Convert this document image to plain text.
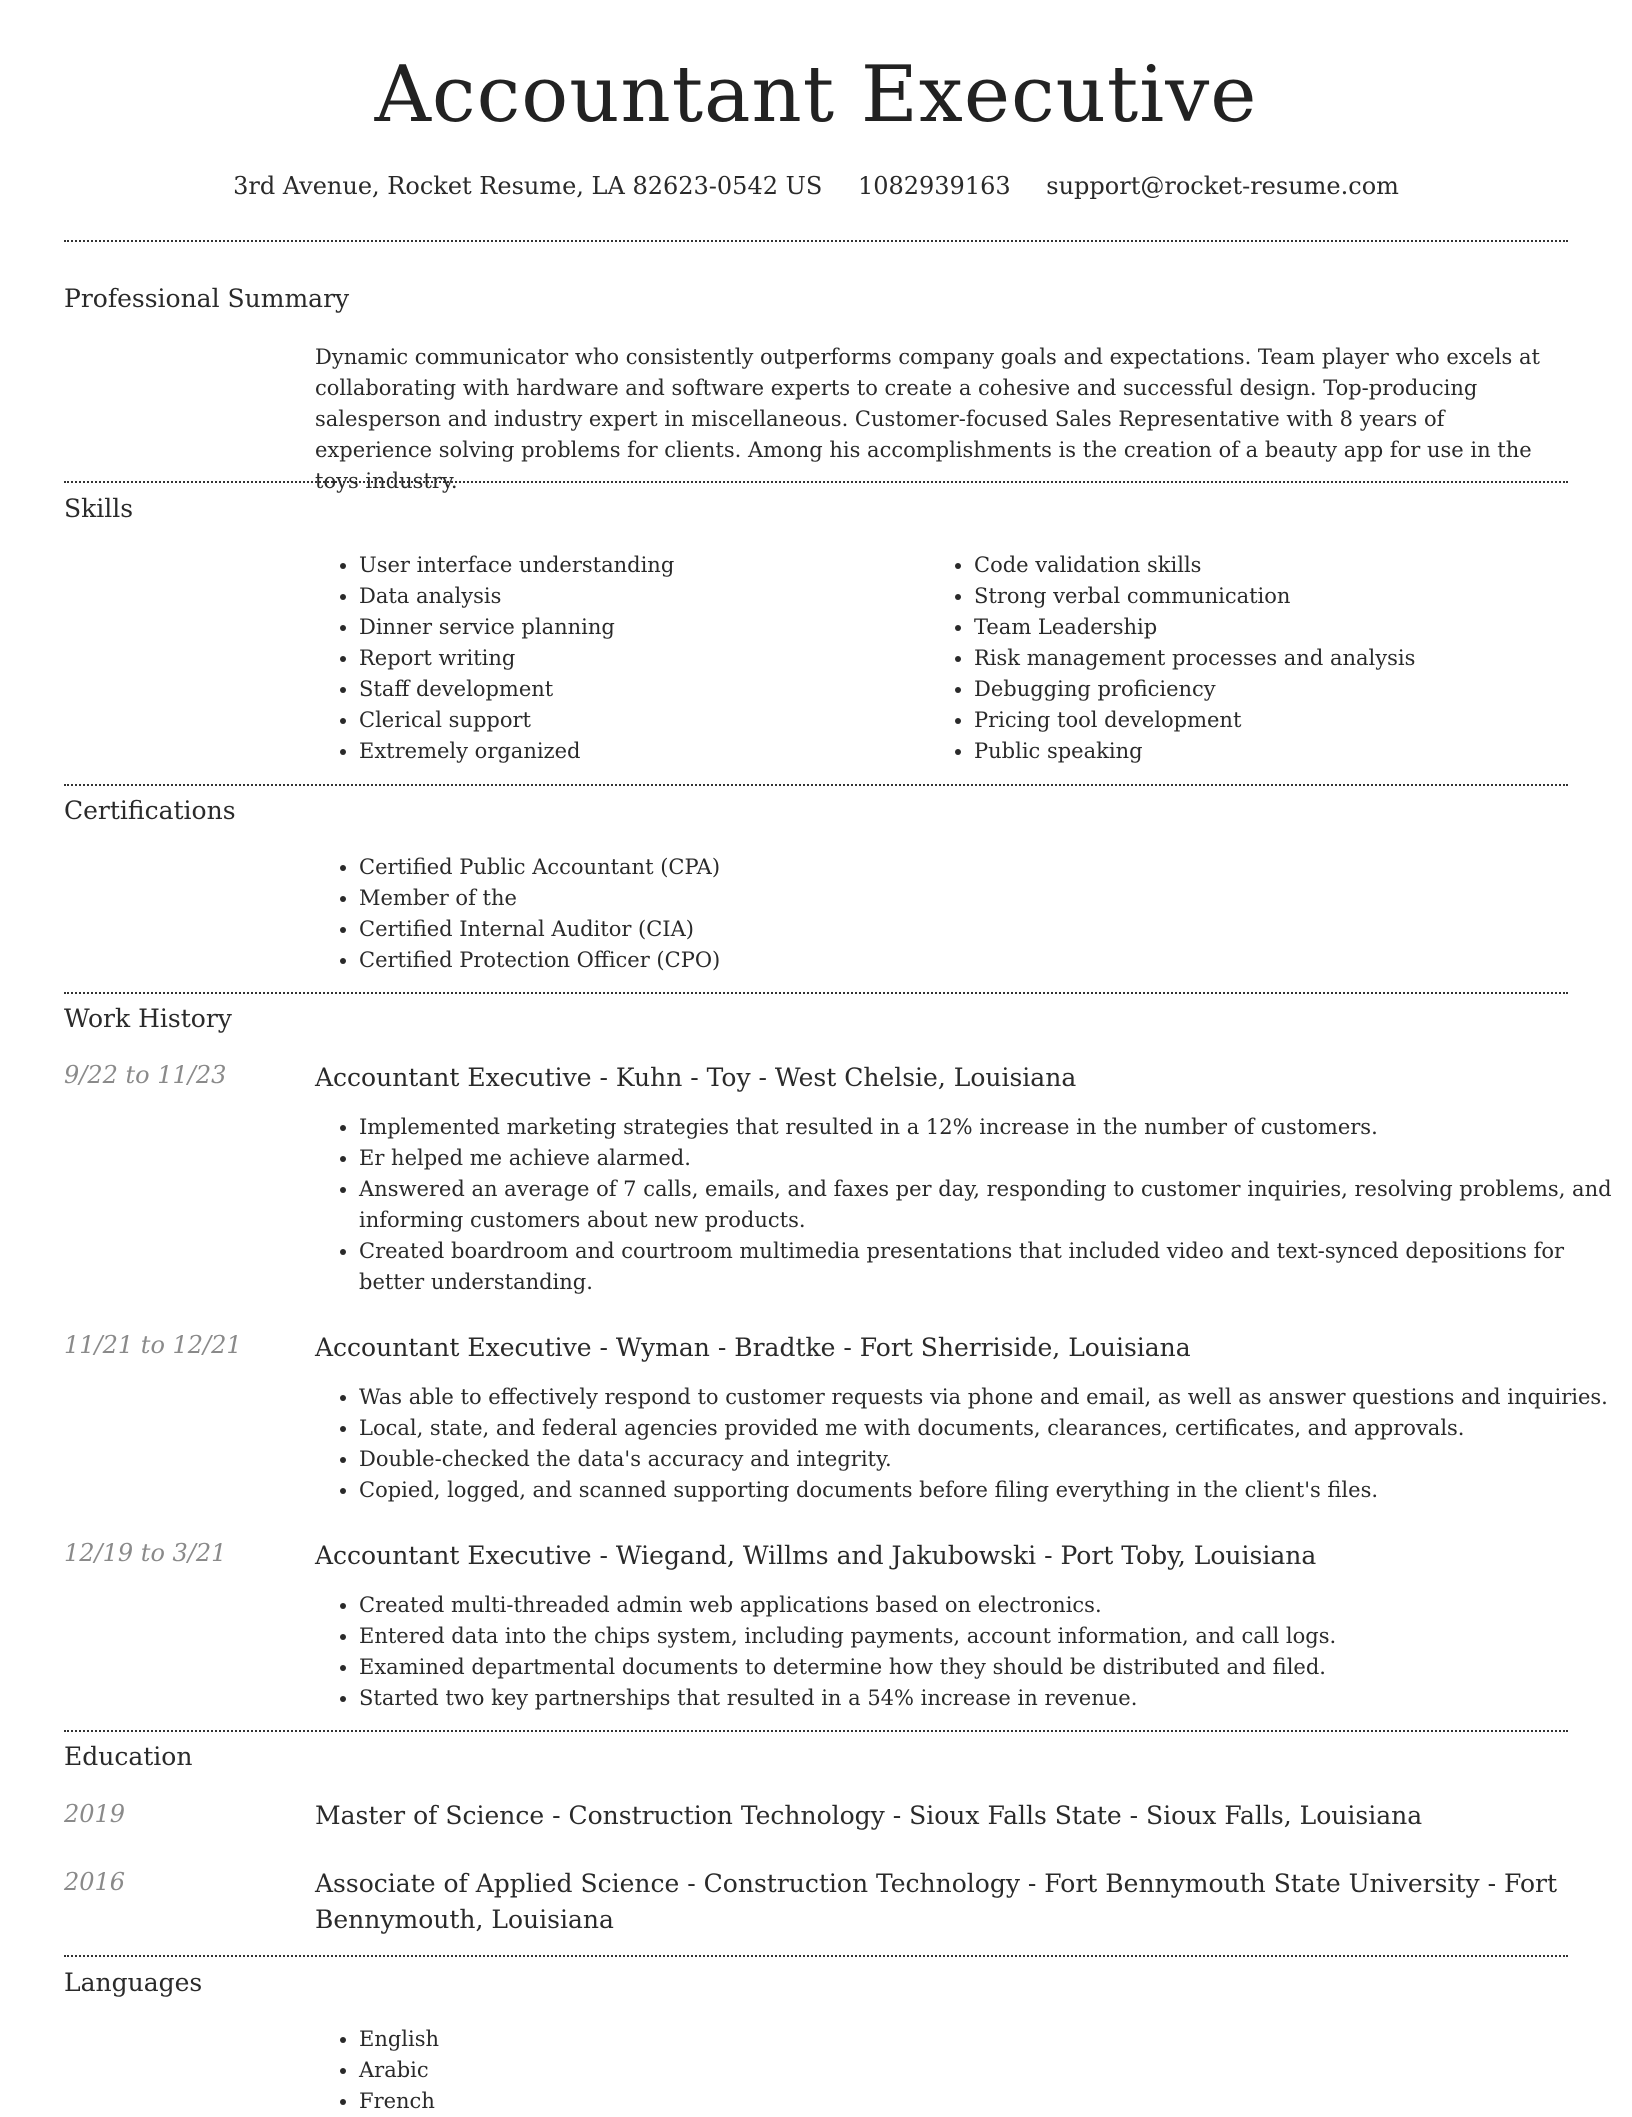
Accountant Executive
3rd Avenue, Rocket Resume, LA 82623-0542 US 1082939163 support@rocket-resume.com
Professional Summary
Dynamic communicator who consistently outperforms company goals and expectations. Team player who excels at collaborating with hardware and software experts to create a cohesive and successful design. Top-producing salesperson and industry expert in miscellaneous. Customer-focused Sales Representative with 8 years of experience solving problems for clients. Among his accomplishments is the creation of a beauty app for use in the toys industry.
Skills
• User interface understanding
• Data analysis
• Dinner service planning
• Report writing
• Staff development
• Clerical support
• Extremely organized
• Code validation skills
• Strong verbal communication
• Team Leadership
• Risk management processes and analysis
• Debugging proficiency
• Pricing tool development
• Public speaking
Certifications
• Certified Public Accountant (CPA)
• Member of the
• Certified Internal Auditor (CIA)
• Certified Protection Officer (CPO)
Work History
9/22 to 11/23	Accountant Executive - Kuhn - Toy - West Chelsie, Louisiana
• Implemented marketing strategies that resulted in a 12% increase in the number of customers.
• Er helped me achieve alarmed.
• Answered an average of 7 calls, emails, and faxes per day, responding to customer inquiries, resolving problems, and informing customers about new products.
• Created boardroom and courtroom multimedia presentations that included video and text-synced depositions for better understanding.
11/21 to 12/21	Accountant Executive - Wyman - Bradtke - Fort Sherriside, Louisiana
• Was able to effectively respond to customer requests via phone and email, as well as answer questions and inquiries.
• Local, state, and federal agencies provided me with documents, clearances, certificates, and approvals.
• Double-checked the data's accuracy and integrity.
• Copied, logged, and scanned supporting documents before filing everything in the client's files.
12/19 to 3/21	Accountant Executive - Wiegand, Willms and Jakubowski - Port Toby, Louisiana
• Created multi-threaded admin web applications based on electronics.
• Entered data into the chips system, including payments, account information, and call logs.
• Examined departmental documents to determine how they should be distributed and filed.
• Started two key partnerships that resulted in a 54% increase in revenue.
Education
2019	Master of Science - Construction Technology - Sioux Falls State - Sioux Falls, Louisiana
2016	Associate of Applied Science - Construction Technology - Fort Bennymouth State University - Fort Bennymouth, Louisiana
Languages
• English
• Arabic
• French
